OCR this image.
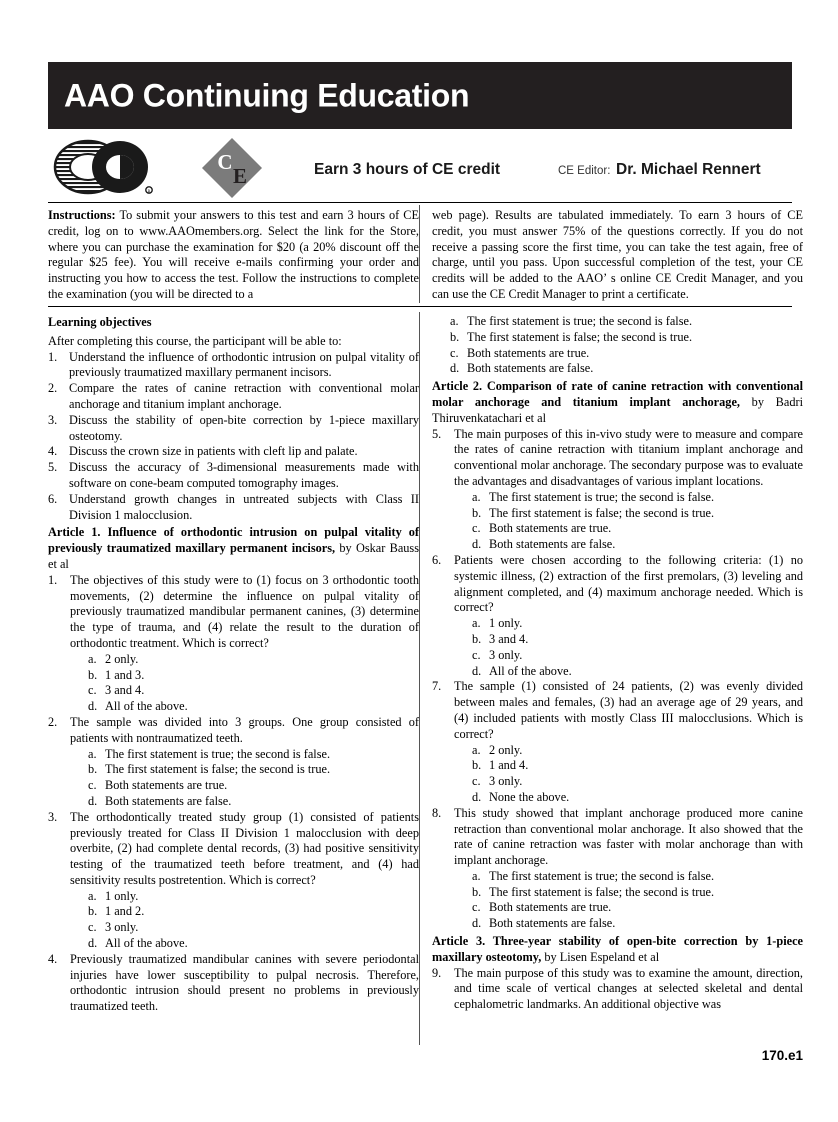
AAO Continuing Education
R
C
E	Earn 3 hours of CE credit	CE Editor: Dr. Michael Rennert

Instructions: To submit your answers to this test and earn 3 hours of CE credit, log on to www.AAOmembers.org. Select the link for the Store, where you can purchase the examination for $20 (a 20% discount off the regular $25 fee). You will receive e-mails confirming your order and instructing you how to access the test. Follow the instructions to complete the examination (you will be directed to a

web page). Results are tabulated immediately. To earn 3 hours of CE credit, you must answer 75% of the questions correctly. If you do not receive a passing score the first time, you can take the test again, free of charge, until you pass. Upon successful completion of the test, your CE credits will be added to the AAO’ s online CE Credit Manager, and you can use the CE Credit Manager to print a certificate.

Learning objectives

After completing this course, the participant will be able to:

1. Understand the influence of orthodontic intrusion on pulpal vitality of previously traumatized maxillary permanent incisors.
2. Compare the rates of canine retraction with conventional molar anchorage and titanium implant anchorage.
3. Discuss the stability of open-bite correction by 1-piece maxillary osteotomy.
4. Discuss the crown size in patients with cleft lip and palate.
5. Discuss the accuracy of 3-dimensional measurements made with software on cone-beam computed tomography images.
6. Understand growth changes in untreated subjects with Class II Division 1 malocclusion.

Article 1. Influence of orthodontic intrusion on pulpal vitality of previously traumatized maxillary permanent incisors, by Oskar Bauss et al

1.	The objectives of this study were to (1) focus on 3 orthodontic tooth movements, (2) determine the influence on pulpal vitality of previously traumatized mandibular permanent canines, (3) determine the type of trauma, and (4) relate the result to the duration of orthodontic treatment. Which is correct?
a. 2 only.
b. 1 and 3.
c. 3 and 4.
d. All of the above.
2.	The sample was divided into 3 groups. One group consisted of patients with nontraumatized teeth.
a. The first statement is true; the second is false.
b. The first statement is false; the second is true.
c. Both statements are true.
d. Both statements are false.
3.	The orthodontically treated study group (1) consisted of patients previously treated for Class II Division 1 malocclusion with deep overbite, (2) had complete dental records, (3) had positive sensitivity testing of the traumatized teeth before treatment, and (4) had sensitivity results postretention. Which is correct?
a. 1 only.
b. 1 and 2.
c. 3 only.
d. All of the above.
4.	Previously traumatized mandibular canines with severe periodontal injuries have lower susceptibility to pulpal necrosis. Therefore, orthodontic intrusion should present no problems in previously traumatized teeth.
a. The first statement is true; the second is false.
b. The first statement is false; the second is true.
c. Both statements are true.
d. Both statements are false.

Article 2. Comparison of rate of canine retraction with conventional molar anchorage and titanium implant anchorage, by Badri Thiruvenkatachari et al

5.	The main purposes of this in-vivo study were to measure and compare the rates of canine retraction with titanium implant anchorage and conventional molar anchorage. The secondary purpose was to evaluate the advantages and disadvantages of various implant locations.
a. The first statement is true; the second is false.
b. The first statement is false; the second is true.
c. Both statements are true.
d. Both statements are false.
6.	Patients were chosen according to the following criteria: (1) no systemic illness, (2) extraction of the first premolars, (3) leveling and alignment completed, and (4) maximum anchorage needed. Which is correct?
a. 1 only.
b. 3 and 4.
c. 3 only.
d. All of the above.
7.	The sample (1) consisted of 24 patients, (2) was evenly divided between males and females, (3) had an average age of 29 years, and (4) included patients with mostly Class III malocclusions. Which is correct?
a. 2 only.
b. 1 and 4.
c. 3 only.
d. None the above.
8.	This study showed that implant anchorage produced more canine retraction than conventional molar anchorage. It also showed that the rate of canine retraction was faster with molar anchorage than with implant anchorage.
a. The first statement is true; the second is false.
b. The first statement is false; the second is true.
c. Both statements are true.
d. Both statements are false.

Article 3. Three-year stability of open-bite correction by 1-piece maxillary osteotomy, by Lisen Espeland et al

9.	The main purpose of this study was to examine the amount, direction, and time scale of vertical changes at selected skeletal and dental cephalometric landmarks. An additional objective was
170.e1
